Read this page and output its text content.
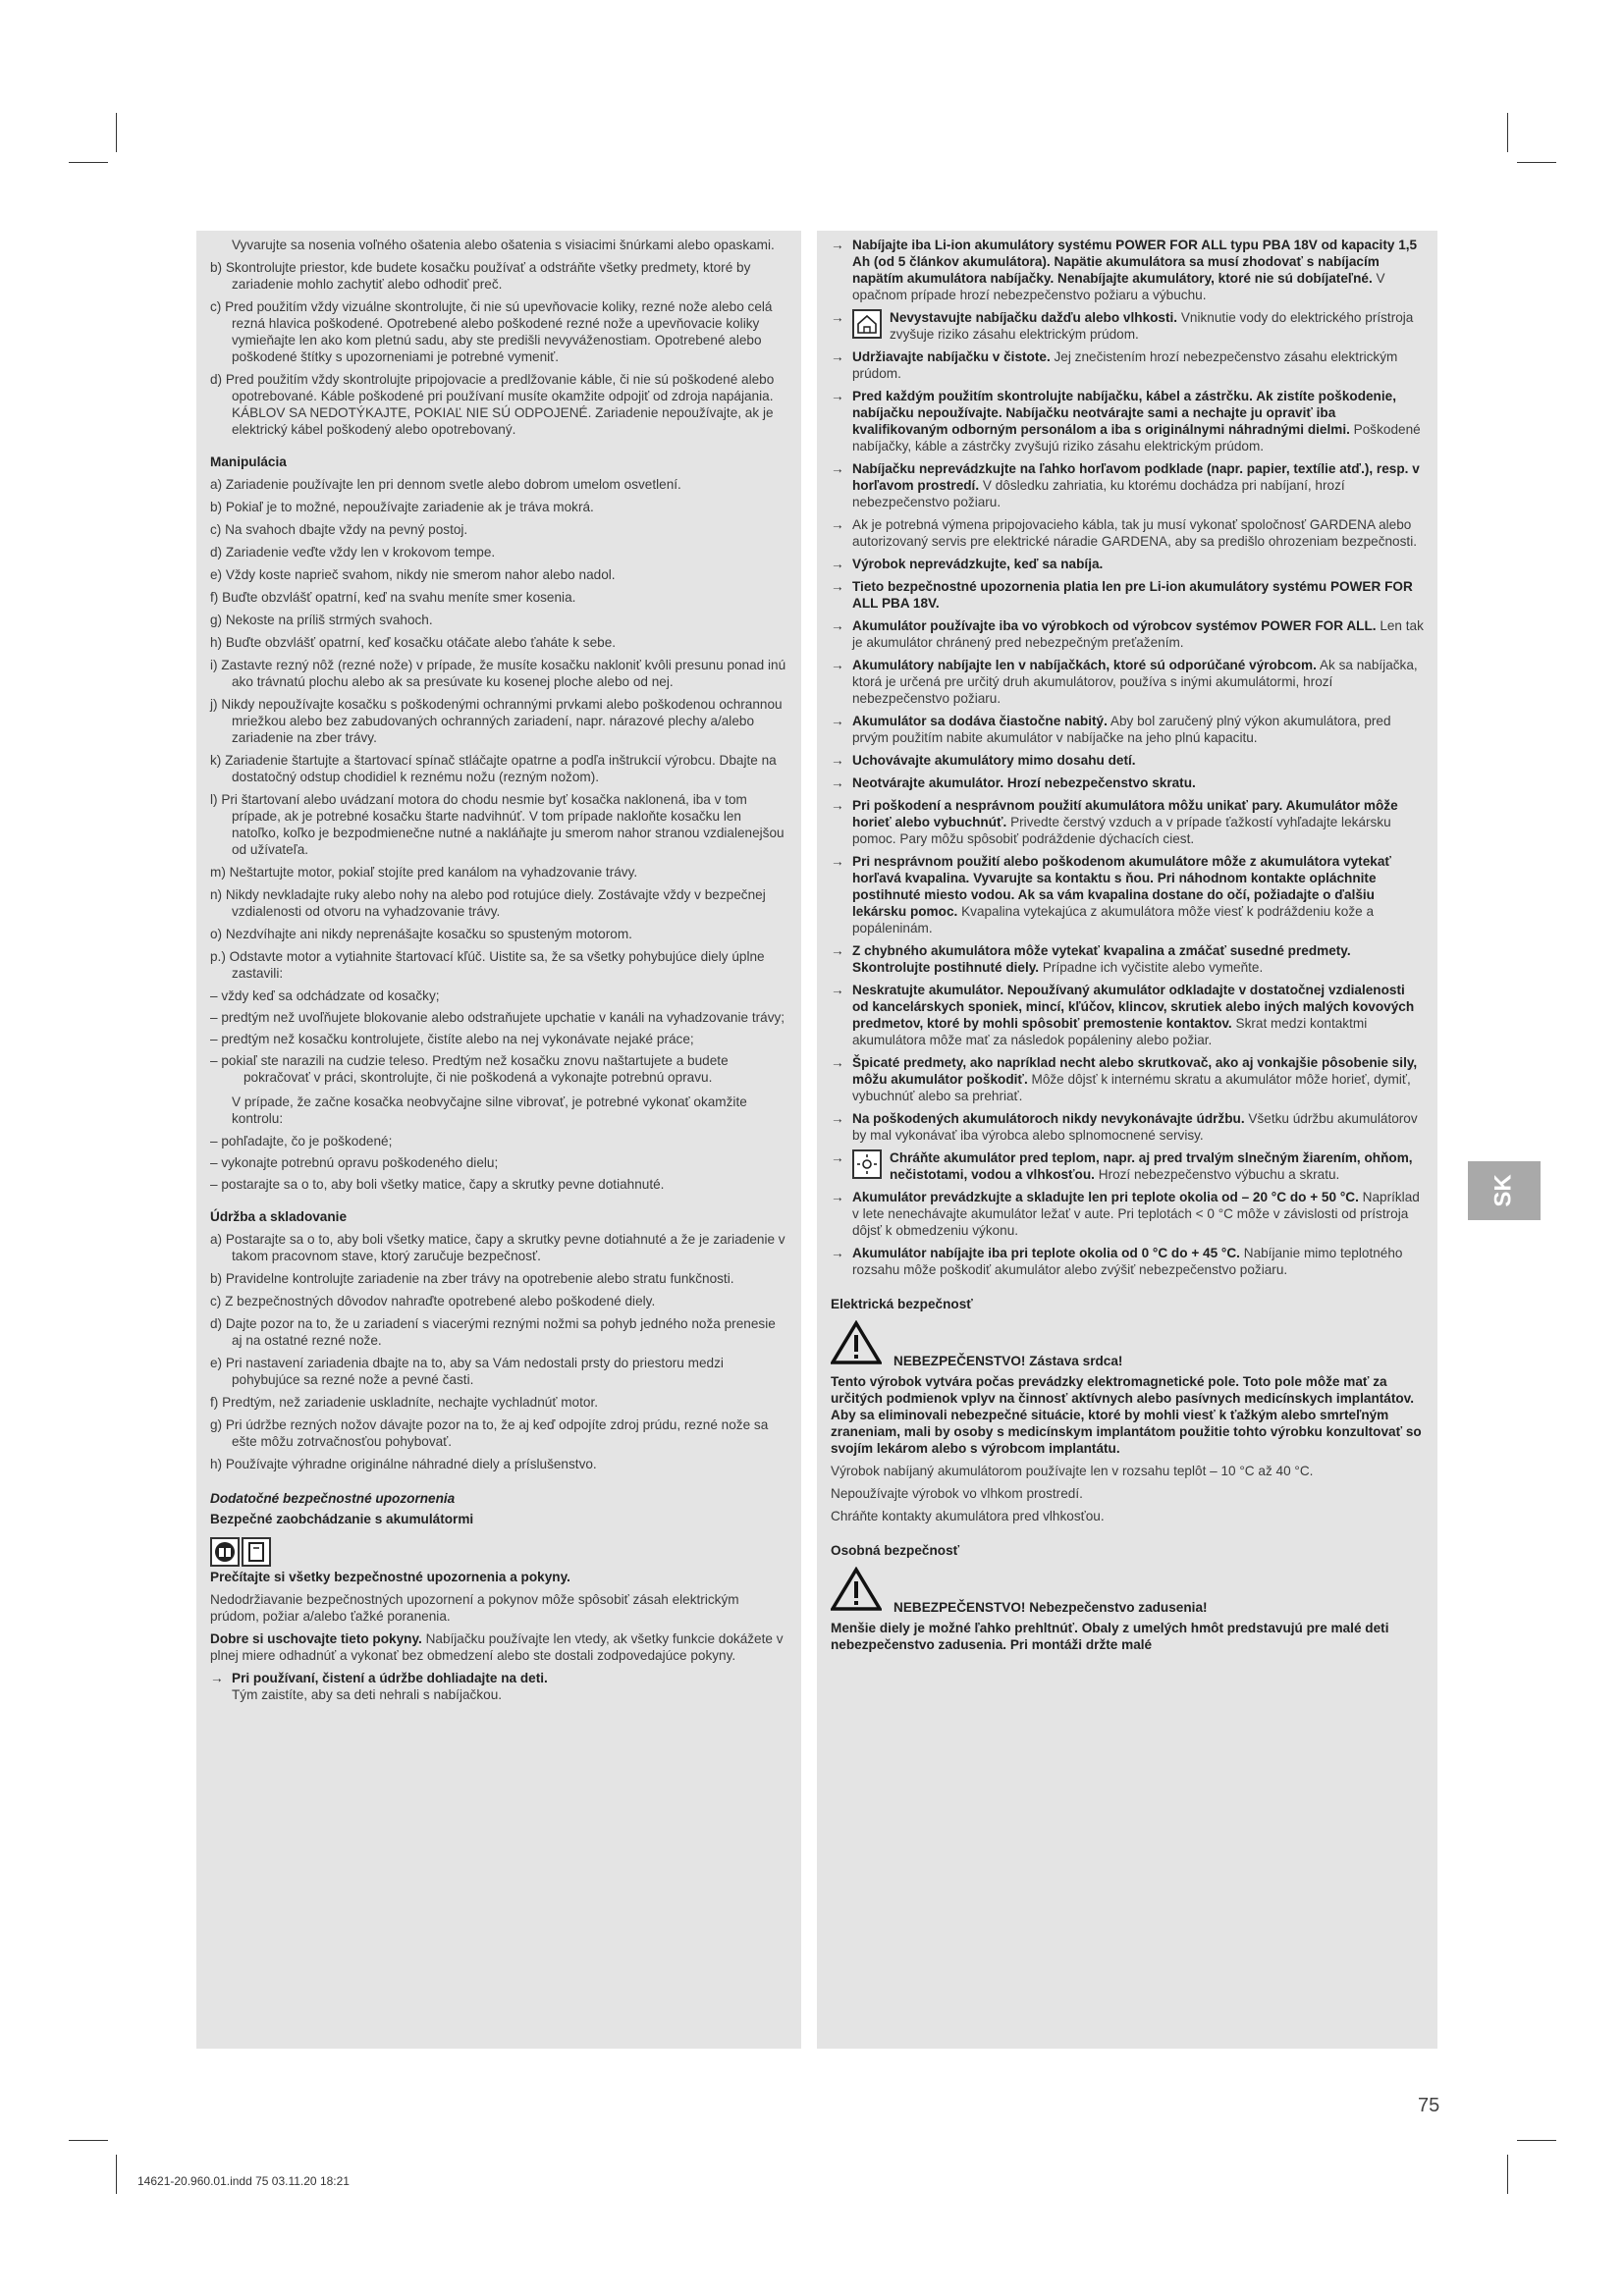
Vyvarujte sa nosenia voľného ošatenia alebo ošatenia s visiacimi šnúrkami alebo opaskami.
b) Skontrolujte priestor, kde budete kosačku používať a odstráňte všetky predmety, ktoré by zariadenie mohlo zachytiť alebo odhodiť preč.
c) Pred použitím vždy vizuálne skontrolujte, či nie sú upevňovacie koliky, rezné nože alebo celá rezná hlavica poškodené. Opotrebené alebo poškodené rezné nože a upevňovacie koliky vymieňajte len ako kom pletnú sadu, aby ste predišli nevyváženostiam. Opotrebené alebo poškodené štítky s upozorneniami je potrebné vymeniť.
d) Pred použitím vždy skontrolujte pripojovacie a predlžovanie káble, či nie sú poškodené alebo opotrebované. Káble poškodené pri používaní musíte okamžite odpojiť od zdroja napájania. KÁBLOV SA NEDOTÝKAJTE, POKIAĽ NIE SÚ ODPOJENÉ. Zariadenie nepoužívajte, ak je elektrický kábel poškodený alebo opotrebovaný.
Manipulácia
a) Zariadenie používajte len pri dennom svetle alebo dobrom umelom osvetlení.
b) Pokiaľ je to možné, nepoužívajte zariadenie ak je tráva mokrá.
c) Na svahoch dbajte vždy na pevný postoj.
d) Zariadenie veďte vždy len v krokovom tempe.
e) Vždy koste naprieč svahom, nikdy nie smerom nahor alebo nadol.
f) Buďte obzvlášť opatrní, keď na svahu meníte smer kosenia.
g) Nekoste na príliš strmých svahoch.
h) Buďte obzvlášť opatrní, keď kosačku otáčate alebo ťaháte k sebe.
i) Zastavte rezný nôž (rezné nože) v prípade, že musíte kosačku nakloniť kvôli presunu ponad inú ako trávnatú plochu alebo ak sa presúvate ku kosenej ploche alebo od nej.
j) Nikdy nepoužívajte kosačku s poškodenými ochrannými prvkami alebo poškodenou ochrannou mriežkou alebo bez zabudovaných ochranných zariadení, napr. nárazové plechy a/alebo zariadenie na zber trávy.
k) Zariadenie štartujte a štartovací spínač stláčajte opatrne a podľa inštrukcií výrobcu. Dbajte na dostatočný odstup chodidiel k reznému nožu (rezným nožom).
l) Pri štartovaní alebo uvádzaní motora do chodu nesmie byť kosačka naklonená, iba v tom prípade, ak je potrebné kosačku štarte nadvihnúť. V tom prípade nakloňte kosačku len natoľko, koľko je bezpodmienečne nutné a nakláňajte ju smerom nahor stranou vzdialenejšou od užívateľa.
m) Neštartujte motor, pokiaľ stojíte pred kanálom na vyhadzovanie trávy.
n) Nikdy nevkladajte ruky alebo nohy na alebo pod rotujúce diely. Zostávajte vždy v bezpečnej vzdialenosti od otvoru na vyhadzovanie trávy.
o) Nezdvíhajte ani nikdy neprenášajte kosačku so spusteným motorom.
p.) Odstavte motor a vytiahnite štartovací kľúč. Uistite sa, že sa všetky pohybujúce diely úplne zastavili:
– vždy keď sa odchádzate od kosačky;
– predtým než uvoľňujete blokovanie alebo odstraňujete upchatie v kanáli na vyhadzovanie trávy;
– predtým než kosačku kontrolujete, čistíte alebo na nej vykonávate nejaké práce;
– pokiaľ ste narazili na cudzie teleso. Predtým než kosačku znovu naštartujete a budete pokračovať v práci, skontrolujte, či nie poškodená a vykonajte potrebnú opravu.
V prípade, že začne kosačka neobvyčajne silne vibrovať, je potrebné vykonať okamžite kontrolu:
– pohľadajte, čo je poškodené;
– vykonajte potrebnú opravu poškodeného dielu;
– postarajte sa o to, aby boli všetky matice, čapy a skrutky pevne dotiahnuté.
Údržba a skladovanie
a) Postarajte sa o to, aby boli všetky matice, čapy a skrutky pevne dotiahnuté a že je zariadenie v takom pracovnom stave, ktorý zaručuje bezpečnosť.
b) Pravidelne kontrolujte zariadenie na zber trávy na opotrebenie alebo stratu funkčnosti.
c) Z bezpečnostných dôvodov nahraďte opotrebené alebo poškodené diely.
d) Dajte pozor na to, že u zariadení s viacerými reznými nožmi sa pohyb jedného noža prenesie aj na ostatné rezné nože.
e) Pri nastavení zariadenia dbajte na to, aby sa Vám nedostali prsty do priestoru medzi pohybujúce sa rezné nože a pevné časti.
f) Predtým, než zariadenie uskladníte, nechajte vychladnúť motor.
g) Pri údržbe rezných nožov dávajte pozor na to, že aj keď odpojíte zdroj prúdu, rezné nože sa ešte môžu zotrvačnosťou pohybovať.
h) Používajte výhradne originálne náhradné diely a príslušenstvo.
Dodatočné bezpečnostné upozornenia
Bezpečné zaobchádzanie s akumulátormi
Prečítajte si všetky bezpečnostné upozornenia a pokyny.
Nedodržiavanie bezpečnostných upozornení a pokynov môže spôsobiť zásah elektrickým prúdom, požiar a/alebo ťažké poranenia.
Dobre si uschovajte tieto pokyny. Nabíjačku používajte len vtedy, ak všetky funkcie dokážete v plnej miere odhadnúť a vykonať bez obmedzení alebo ste dostali zodpovedajúce pokyny.
→ Pri používaní, čistení a údržbe dohliadajte na deti.
Tým zaistíte, aby sa deti nehrali s nabíjačkou.
→ Nabíjajte iba Li-ion akumulátory systému POWER FOR ALL typu PBA 18V od kapacity 1,5 Ah (od 5 článkov akumulátora). Napätie akumulátora sa musí zhodovať s nabíjacím napätím akumulátora nabíjačky. Nenabíjajte akumulátory, ktoré nie sú dobíjateľné. V opačnom prípade hrozí nebezpečenstvo požiaru a výbuchu.
→ Nevystavujte nabíjačku dažďu alebo vlhkosti. Vniknutie vody do elektrického prístroja zvyšuje riziko zásahu elektrickým prúdom.
→ Udržiavajte nabíjačku v čistote. Jej znečistením hrozí nebezpečenstvo zásahu elektrickým prúdom.
→ Pred každým použitím skontrolujte nabíjačku, kábel a zástrčku. Ak zistíte poškodenie, nabíjačku nepoužívajte. Nabíjačku neotvárajte sami a nechajte ju opraviť iba kvalifikovaným odborným personálom a iba s originálnymi náhradnými dielmi. Poškodené nabíjačky, káble a zástrčky zvyšujú riziko zásahu elektrickým prúdom.
→ Nabíjačku neprevádzkujte na ľahko horľavom podklade (napr. papier, textílie atď.), resp. v horľavom prostredí. V dôsledku zahriatia, ku ktorému dochádza pri nabíjaní, hrozí nebezpečenstvo požiaru.
→ Ak je potrebná výmena pripojovacieho kábla, tak ju musí vykonať spoločnosť GARDENA alebo autorizovaný servis pre elektrické náradie GARDENA, aby sa predišlo ohrozeniam bezpečnosti.
→ Výrobok neprevádzkujte, keď sa nabíja.
→ Tieto bezpečnostné upozornenia platia len pre Li-ion akumulátory systému POWER FOR ALL PBA 18V.
→ Akumulátor používajte iba vo výrobkoch od výrobcov systémov POWER FOR ALL. Len tak je akumulátor chránený pred nebezpečným preťažením.
→ Akumulátory nabíjajte len v nabíjačkách, ktoré sú odporúčané výrobcom. Ak sa nabíjačka, ktorá je určená pre určitý druh akumulátorov, používa s inými akumulátormi, hrozí nebezpečenstvo požiaru.
→ Akumulátor sa dodáva čiastočne nabitý. Aby bol zaručený plný výkon akumulátora, pred prvým použitím nabite akumulátor v nabíjačke na jeho plnú kapacitu.
→ Uchovávajte akumulátory mimo dosahu detí.
→ Neotvárajte akumulátor. Hrozí nebezpečenstvo skratu.
→ Pri poškodení a nesprávnom použití akumulátora môžu unikať pary. Akumulátor môže horieť alebo vybuchnúť. Privedte čerstvý vzduch a v prípade ťažkostí vyhľadajte lekársku pomoc. Pary môžu spôsobiť podráždenie dýchacích ciest.
→ Pri nesprávnom použití alebo poškodenom akumulátore môže z akumulátora vytekať horľavá kvapalina. Vyvarujte sa kontaktu s ňou. Pri náhodnom kontakte opláchnite postihnuté miesto vodou. Ak sa vám kvapalina dostane do očí, požiadajte o ďalšiu lekársku pomoc. Kvapalina vytekajúca z akumulátora môže viesť k podráždeniu kože a popáleninám.
→ Z chybného akumulátora môže vytekať kvapalina a zmáčať susedné predmety. Skontrolujte postihnuté diely. Prípadne ich vyčistite alebo vymeňte.
→ Neskratujte akumulátor. Nepoužívaný akumulátor odkladajte v dostatočnej vzdialenosti od kancelárskych sponiek, mincí, kľúčov, klincov, skrutiek alebo iných malých kovových predmetov, ktoré by mohli spôsobiť premostenie kontaktov. Skrat medzi kontaktmi akumulátora môže mať za následok popáleniny alebo požiar.
→ Špicaté predmety, ako napríklad necht alebo skrutkovač, ako aj vonkajšie pôsobenie sily, môžu akumulátor poškodiť. Môže dôjsť k internému skratu a akumulátor môže horieť, dymiť, vybuchnúť alebo sa prehriať.
→ Na poškodených akumulátoroch nikdy nevykonávajte údržbu. Všetku údržbu akumulátorov by mal vykonávať iba výrobca alebo splnomocnené servisy.
→ Chráňte akumulátor pred teplom, napr. aj pred trvalým slnečným žiarením, ohňom, nečistotami, vodou a vlhkosťou. Hrozí nebezpečenstvo výbuchu a skratu.
→ Akumulátor prevádzkujte a skladujte len pri teplote okolia od – 20 °C do + 50 °C. Napríklad v lete nenechávajte akumulátor ležať v aute. Pri teplotách < 0 °C môže v závislosti od prístroja dôjsť k obmedzeniu výkonu.
→ Akumulátor nabíjajte iba pri teplote okolia od 0 °C do + 45 °C. Nabíjanie mimo teplotného rozsahu môže poškodiť akumulátor alebo zvýšiť nebezpečenstvo požiaru.
Elektrická bezpečnosť
NEBEZPEČENSTVO! Zástava srdca!
Tento výrobok vytvára počas prevádzky elektromagnetické pole. Toto pole môže mať za určitých podmienok vplyv na činnosť aktívnych alebo pasívnych medicínskych implantátov. Aby sa eliminovali nebezpečné situácie, ktoré by mohli viesť k ťažkým alebo smrteľným zraneniam, mali by osoby s medicínskym implantátom použitie tohto výrobku konzultovať so svojím lekárom alebo s výrobcom implantátu.
Výrobok nabíjaný akumulátorom používajte len v rozsahu teplôt – 10 °C až 40 °C.
Nepoužívajte výrobok vo vlhkom prostredí.
Chráňte kontakty akumulátora pred vlhkosťou.
Osobná bezpečnosť
NEBEZPEČENSTVO! Nebezpečenstvo zadusenia!
Menšie diely je možné ľahko prehltnúť. Obaly z umelých hmôt predstavujú pre malé deti nebezpečenstvo zadusenia. Pri montáži držte malé
SK
75
14621-20.960.01.indd 75 03.11.20 18:21
